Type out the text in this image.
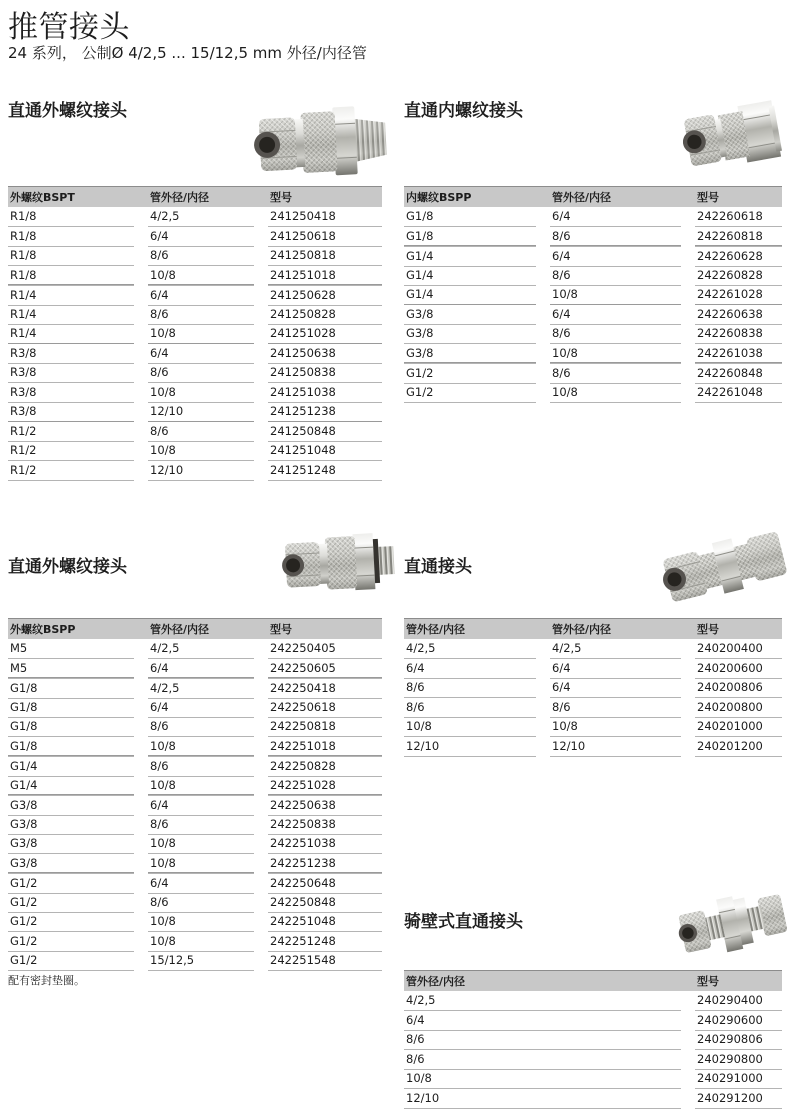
推管接头
24 系列， 公制Ø 4/2,5 ... 15/12,5 mm 外径/内径管
直通外螺纹接头
外螺纹BSPT	管外径/内径	型号
R1/8	4/2,5	241250418
R1/8	6/4	241250618
R1/8	8/6	241250818
R1/8	10/8	241251018
R1/4	6/4	241250628
R1/4	8/6	241250828
R1/4	10/8	241251028
R3/8	6/4	241250638
R3/8	8/6	241250838
R3/8	10/8	241251038
R3/8	12/10	241251238
R1/2	8/6	241250848
R1/2	10/8	241251048
R1/2	12/10	241251248
直通内螺纹接头
内螺纹BSPP	管外径/内径	型号
G1/8	6/4	242260618
G1/8	8/6	242260818
G1/4	6/4	242260628
G1/4	8/6	242260828
G1/4	10/8	242261028
G3/8	6/4	242260638
G3/8	8/6	242260838
G3/8	10/8	242261038
G1/2	8/6	242260848
G1/2	10/8	242261048
直通外螺纹接头
外螺纹BSPP	管外径/内径	型号
M5	4/2,5	242250405
M5	6/4	242250605
G1/8	4/2,5	242250418
G1/8	6/4	242250618
G1/8	8/6	242250818
G1/8	10/8	242251018
G1/4	8/6	242250828
G1/4	10/8	242251028
G3/8	6/4	242250638
G3/8	8/6	242250838
G3/8	10/8	242251038
G3/8	10/8	242251238
G1/2	6/4	242250648
G1/2	8/6	242250848
G1/2	10/8	242251048
G1/2	10/8	242251248
G1/2	15/12,5	242251548
配有密封垫圈。
直通接头
管外径/内径	管外径/内径	型号
4/2,5	4/2,5	240200400
6/4	6/4	240200600
8/6	6/4	240200806
8/6	8/6	240200800
10/8	10/8	240201000
12/10	12/10	240201200
骑壁式直通接头
管外径/内径	型号
4/2,5	240290400
6/4	240290600
8/6	240290806
8/6	240290800
10/8	240291000
12/10	240291200
